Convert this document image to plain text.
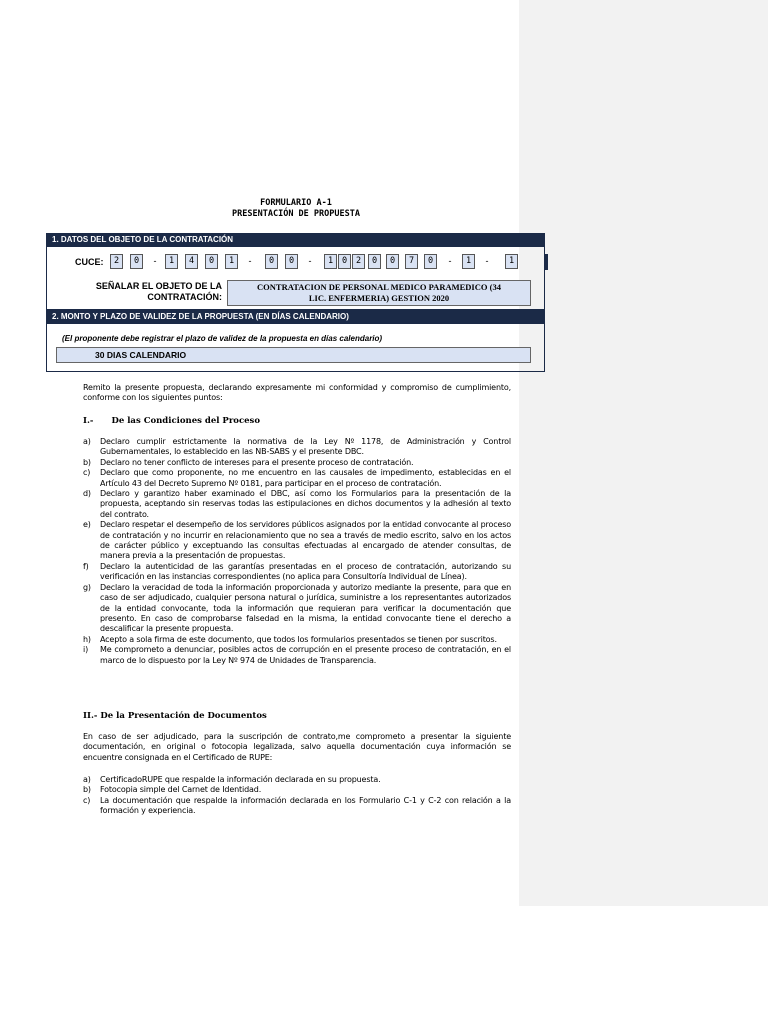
FORMULARIO A-1
PRESENTACIÓN DE PROPUESTA
1. DATOS DEL OBJETO DE LA CONTRATACIÓN
CUCE:	2	0	-	1	4	0	1	-	0	0	-	1	0	2	0	0	7	0	-	1	-	1
SEÑALAR EL OBJETO DE LA
CONTRATACIÓN:
CONTRATACION DE PERSONAL MEDICO PARAMEDICO (34
LIC. ENFERMERIA) GESTION 2020
2. MONTO Y PLAZO DE VALIDEZ DE LA PROPUESTA (EN DÍAS CALENDARIO)
(El proponente debe registrar el plazo de validez de la propuesta en días calendario)
30 DIAS CALENDARIO
Remito la presente propuesta, declarando expresamente mi conformidad y compromiso de cumplimiento, conforme con los siguientes puntos:
I.- De las Condiciones del Proceso
a) Declaro cumplir estrictamente la normativa de la Ley Nº 1178, de Administración y Control Gubernamentales, lo establecido en las NB-SABS y el presente DBC.
b) Declaro no tener conflicto de intereses para el presente proceso de contratación.
c) Declaro que como proponente, no me encuentro en las causales de impedimento, establecidas en el Artículo 43 del Decreto Supremo Nº 0181, para participar en el proceso de contratación.
d) Declaro y garantizo haber examinado el DBC, así como los Formularios para la presentación de la propuesta, aceptando sin reservas todas las estipulaciones en dichos documentos y la adhesión al texto del contrato.
e) Declaro respetar el desempeño de los servidores públicos asignados por la entidad convocante al proceso de contratación y no incurrir en relacionamiento que no sea a través de medio escrito, salvo en los actos de carácter público y exceptuando las consultas efectuadas al encargado de atender consultas, de manera previa a la presentación de propuestas.
f) Declaro la autenticidad de las garantías presentadas en el proceso de contratación, autorizando su verificación en las instancias correspondientes (no aplica para Consultoría Individual de Línea).
g) Declaro la veracidad de toda la información proporcionada y autorizo mediante la presente, para que en caso de ser adjudicado, cualquier persona natural o jurídica, suministre a los representantes autorizados de la entidad convocante, toda la información que requieran para verificar la documentación que presento. En caso de comprobarse falsedad en la misma, la entidad convocante tiene el derecho a descalificar la presente propuesta.
h) Acepto a sola firma de este documento, que todos los formularios presentados se tienen por suscritos.
i) Me comprometo a denunciar, posibles actos de corrupción en el presente proceso de contratación, en el marco de lo dispuesto por la Ley Nº 974 de Unidades de Transparencia.
II.- De la Presentación de Documentos
En caso de ser adjudicado, para la suscripción de contrato,me comprometo a presentar la siguiente documentación, en original o fotocopia legalizada, salvo aquella documentación cuya información se encuentre consignada en el Certificado de RUPE:
a) CertificadoRUPE que respalde la información declarada en su propuesta.
b) Fotocopia simple del Carnet de Identidad.
c) La documentación que respalde la información declarada en los Formulario C-1 y C-2 con relación a la formación y experiencia.
